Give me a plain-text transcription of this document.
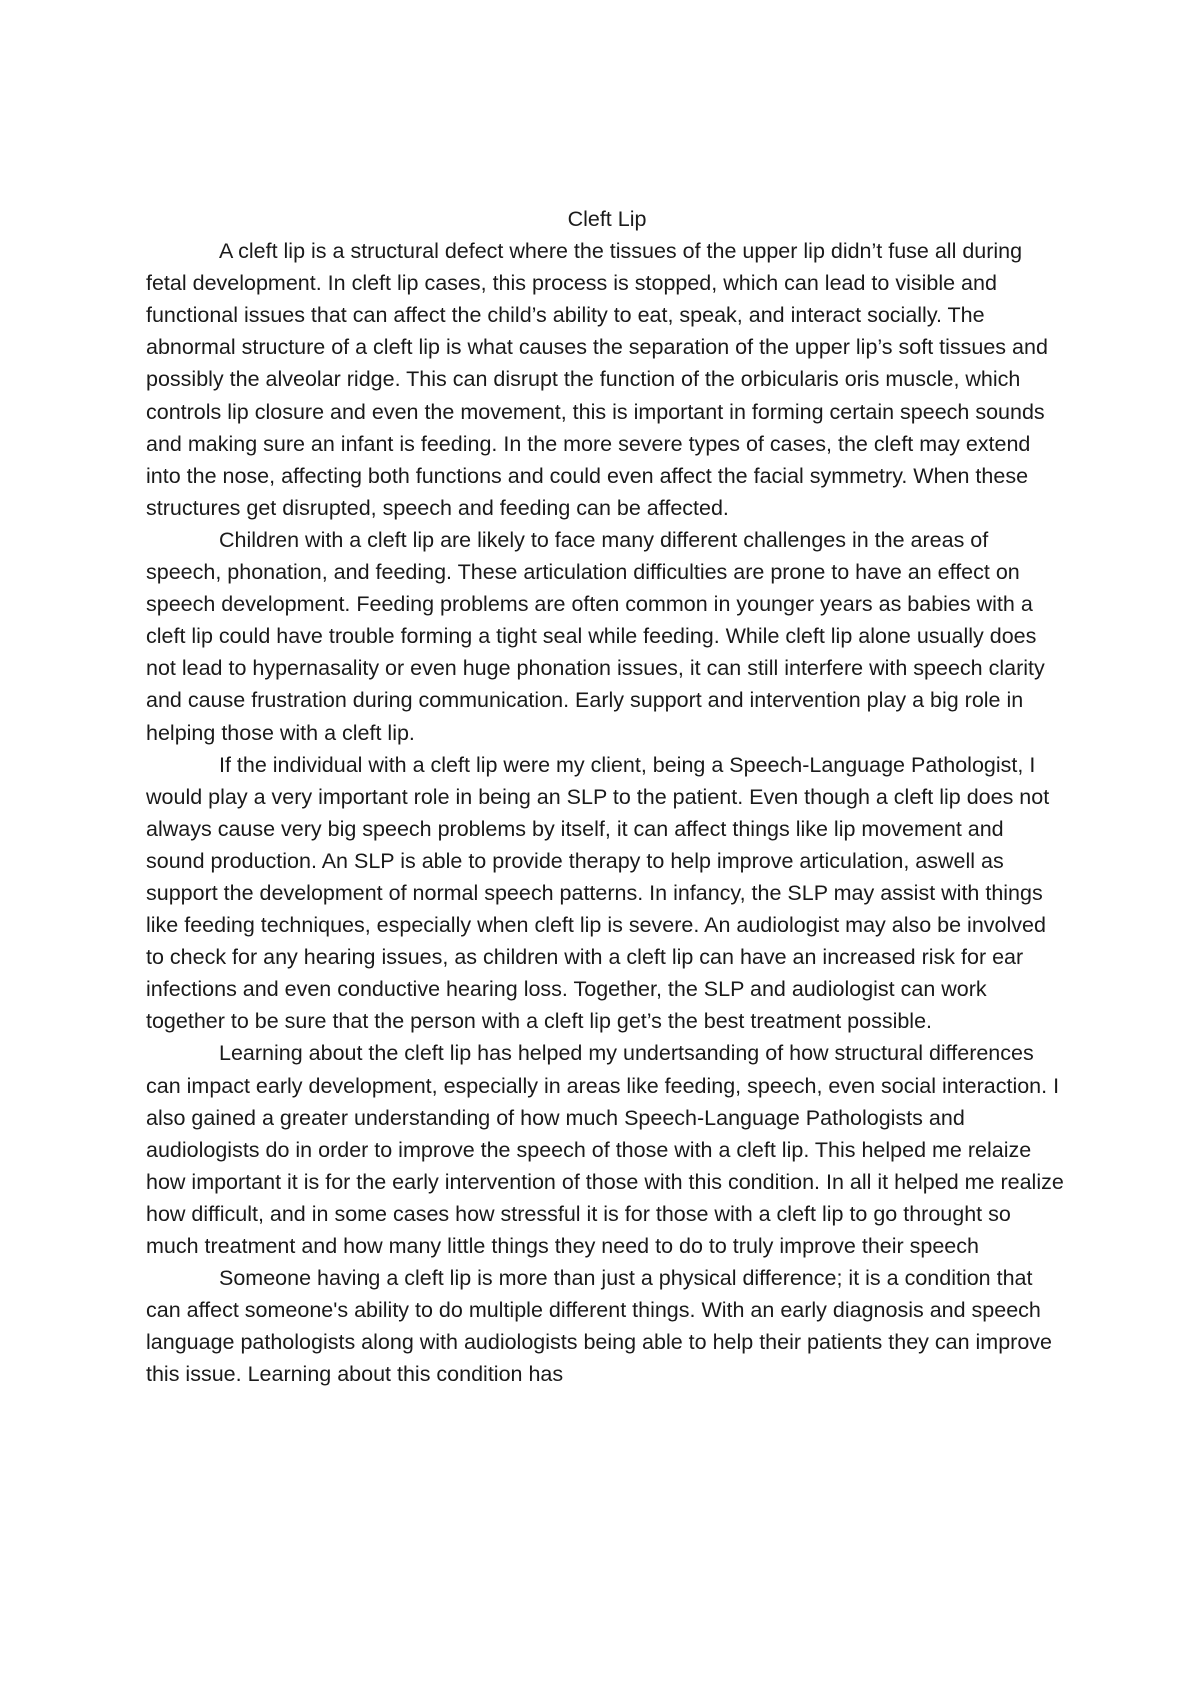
Cleft Lip

A cleft lip is a structural defect where the tissues of the upper lip didn’t fuse all during fetal development. In cleft lip cases, this process is stopped, which can lead to visible and functional issues that can affect the child’s ability to eat, speak, and interact socially. The abnormal structure of a cleft lip is what causes the separation of the upper lip’s soft tissues and possibly the alveolar ridge. This can disrupt the function of the orbicularis oris muscle, which controls lip closure and even the movement, this is important in forming certain speech sounds and making sure an infant is feeding. In the more severe types of cases, the cleft may extend into the nose, affecting both functions and could even affect the facial symmetry. When these structures get disrupted, speech and feeding can be affected.

Children with a cleft lip are likely to face many different challenges in the areas of speech, phonation, and feeding. These articulation difficulties are prone to have an effect on speech development. Feeding problems are often common in younger years as babies with a cleft lip could have trouble forming a tight seal while feeding. While cleft lip alone usually does not lead to hypernasality or even huge phonation issues, it can still interfere with speech clarity and cause frustration during communication. Early support and intervention play a big role in helping those with a cleft lip.

If the individual with a cleft lip were my client, being a Speech-Language Pathologist, I would play a very important role in being an SLP to the patient. Even though a cleft lip does not always cause very big speech problems by itself, it can affect things like lip movement and sound production. An SLP is able to provide therapy to help improve articulation, aswell as support the development of normal speech patterns. In infancy, the SLP may assist with things like feeding techniques, especially when cleft lip is severe. An audiologist may also be involved to check for any hearing issues, as children with a cleft lip can have an increased risk for ear infections and even conductive hearing loss. Together, the SLP and audiologist can work together to be sure that the person with a cleft lip get’s the best treatment possible.

Learning about the cleft lip has helped my undertsanding of how structural differences can impact early development, especially in areas like feeding, speech, even social interaction. I also gained a greater understanding of how much Speech-Language Pathologists and audiologists do in order to improve the speech of those with a cleft lip. This helped me relaize how important it is for the early intervention of those with this condition. In all it helped me realize how difficult, and in some cases how stressful it is for those with a cleft lip to go throught so much treatment and how many little things they need to do to truly improve their speech

Someone having a cleft lip is more than just a physical difference; it is a condition that can affect someone's ability to do multiple different things. With an early diagnosis and speech language pathologists along with audiologists being able to help their patients they can improve this issue. Learning about this condition has
